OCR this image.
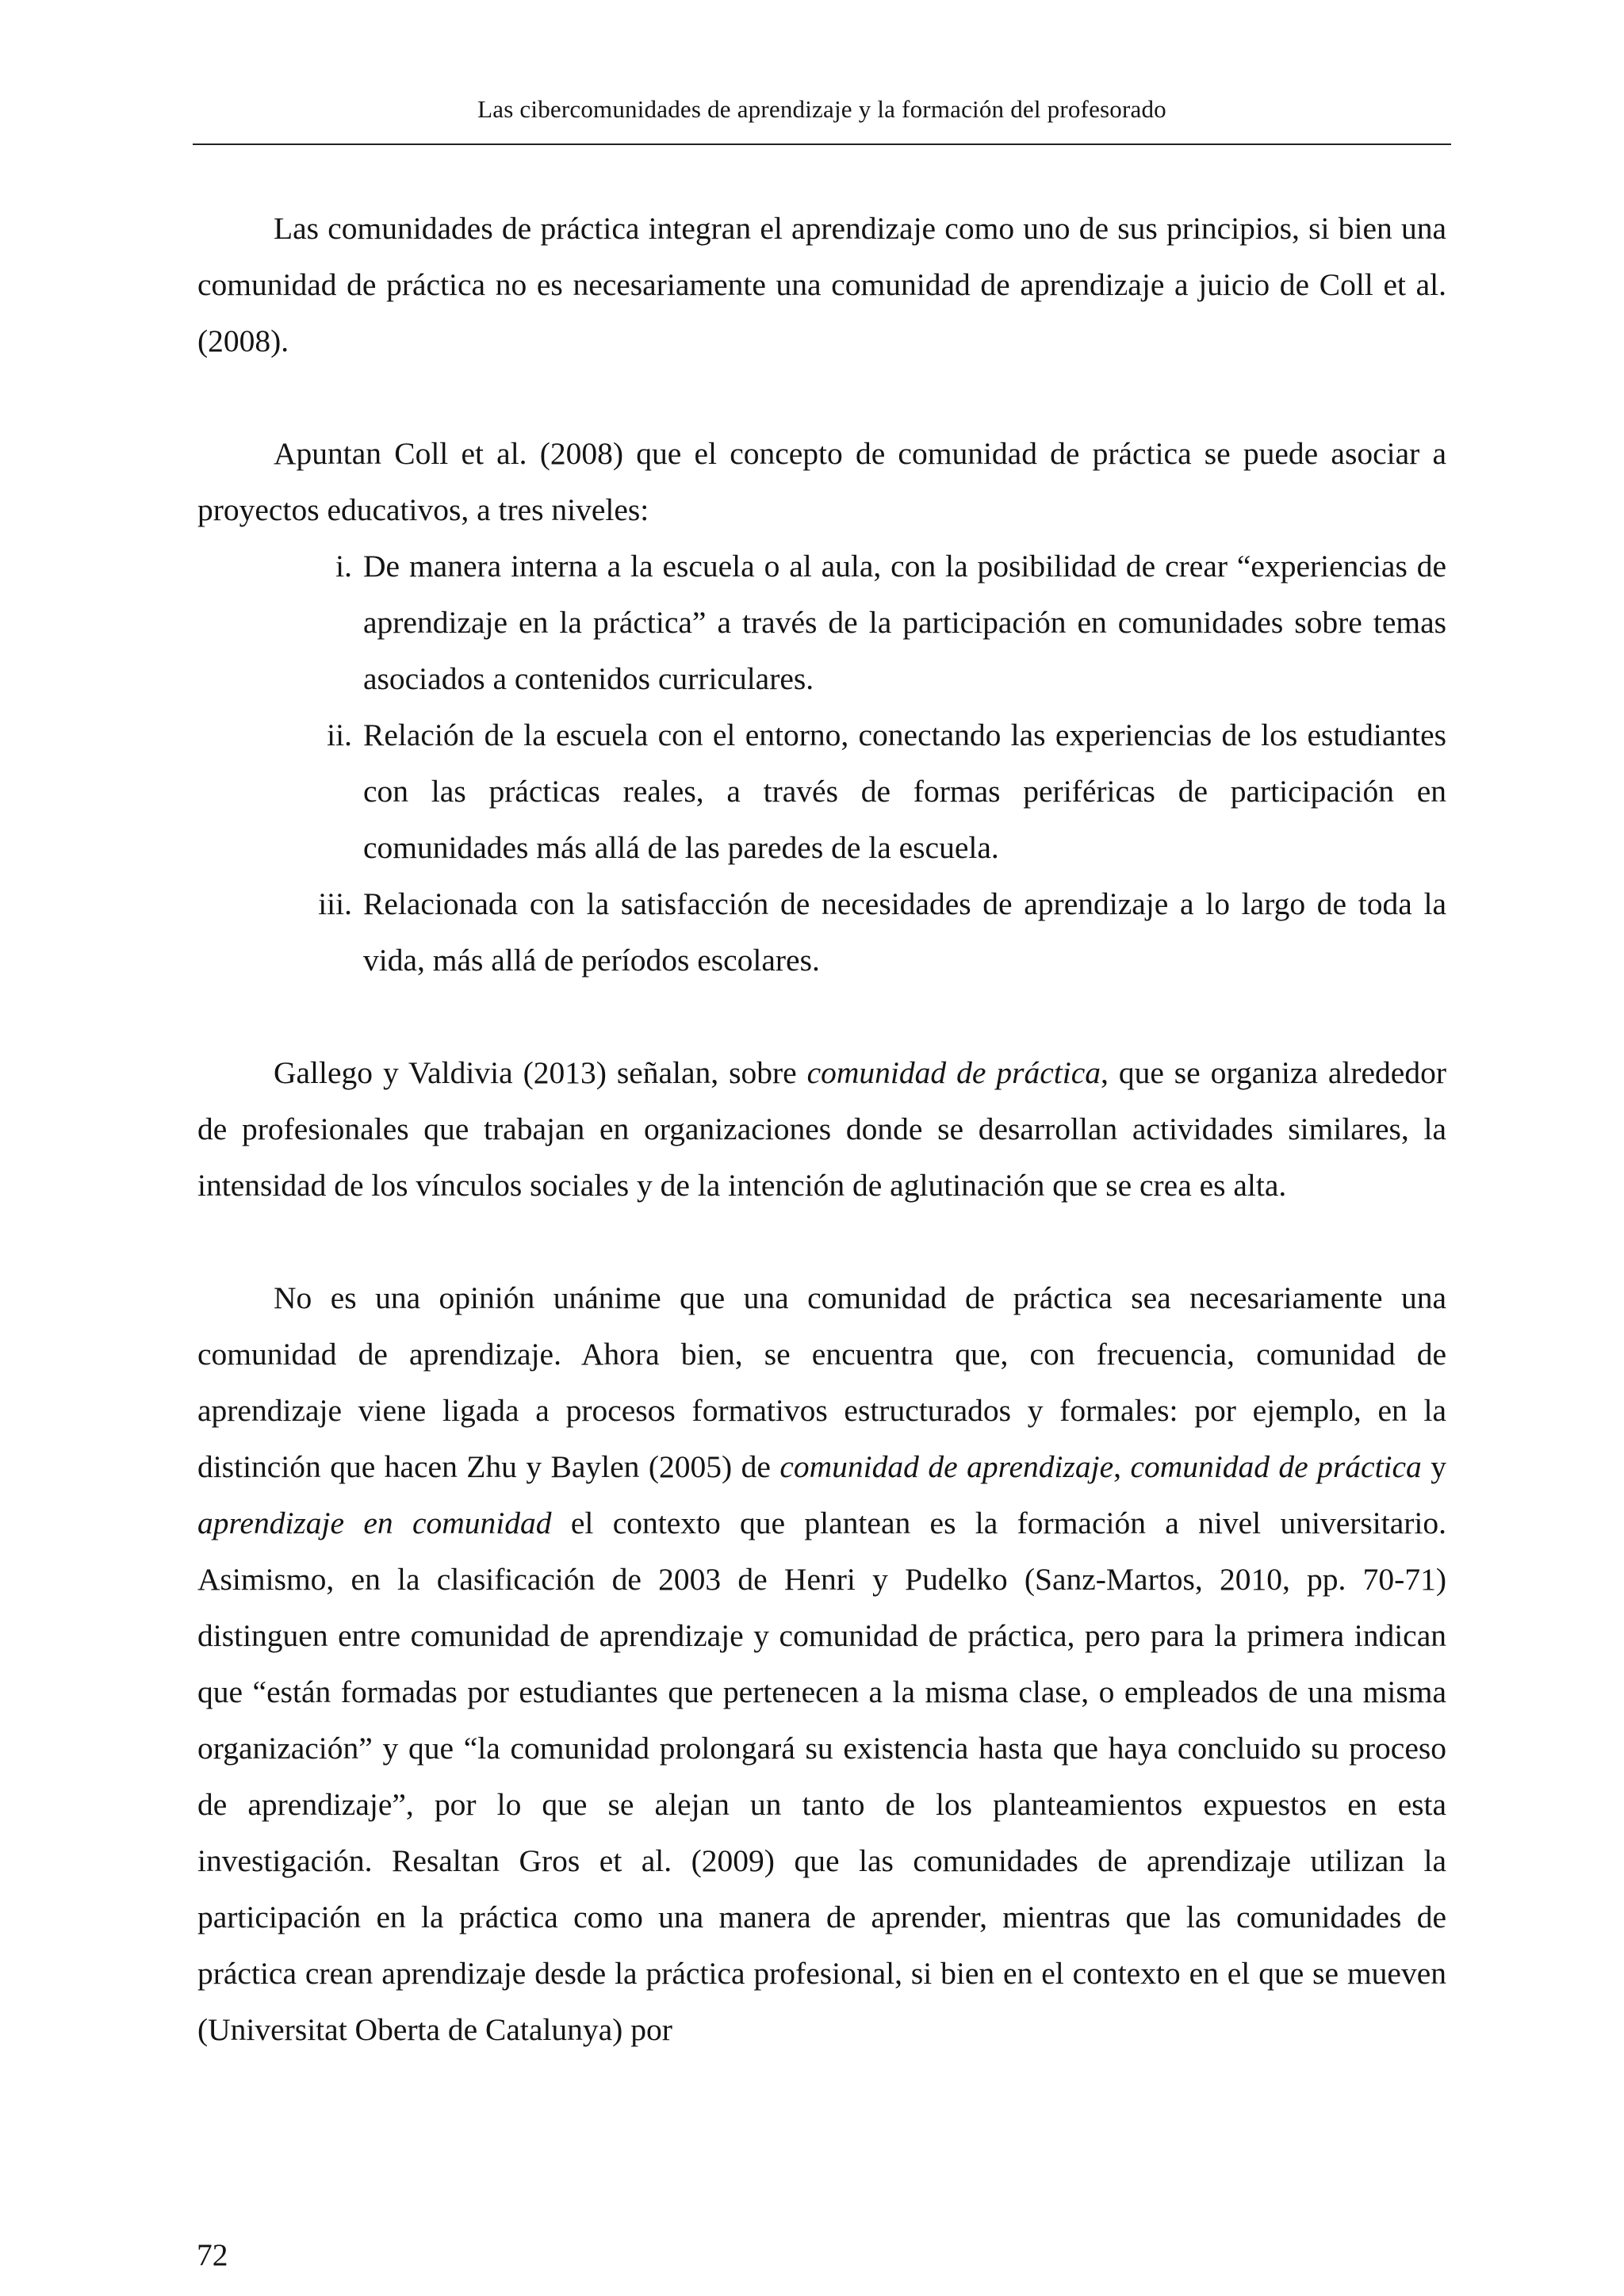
Las cibercomunidades de aprendizaje y la formación del profesorado

Las comunidades de práctica integran el aprendizaje como uno de sus principios, si bien una comunidad de práctica no es necesariamente una comunidad de aprendizaje a juicio de Coll et al. (2008).

Apuntan Coll et al. (2008) que el concepto de comunidad de práctica se puede asociar a proyectos educativos, a tres niveles:

i. De manera interna a la escuela o al aula, con la posibilidad de crear “experiencias de aprendizaje en la práctica” a través de la participación en comunidades sobre temas asociados a contenidos curriculares.
ii. Relación de la escuela con el entorno, conectando las experiencias de los estudiantes con las prácticas reales, a través de formas periféricas de participación en comunidades más allá de las paredes de la escuela.
iii. Relacionada con la satisfacción de necesidades de aprendizaje a lo largo de toda la vida, más allá de períodos escolares.

Gallego y Valdivia (2013) señalan, sobre comunidad de práctica, que se organiza alrededor de profesionales que trabajan en organizaciones donde se desarrollan actividades similares, la intensidad de los vínculos sociales y de la intención de aglutinación que se crea es alta.

No es una opinión unánime que una comunidad de práctica sea necesariamente una comunidad de aprendizaje. Ahora bien, se encuentra que, con frecuencia, comunidad de aprendizaje viene ligada a procesos formativos estructurados y formales: por ejemplo, en la distinción que hacen Zhu y Baylen (2005) de comunidad de aprendizaje, comunidad de práctica y aprendizaje en comunidad el contexto que plantean es la formación a nivel universitario. Asimismo, en la clasificación de 2003 de Henri y Pudelko (Sanz-Martos, 2010, pp. 70-71) distinguen entre comunidad de aprendizaje y comunidad de práctica, pero para la primera indican que “están formadas por estudiantes que pertenecen a la misma clase, o empleados de una misma organización” y que “la comunidad prolongará su existencia hasta que haya concluido su proceso de aprendizaje”, por lo que se alejan un tanto de los planteamientos expuestos en esta investigación. Resaltan Gros et al. (2009) que las comunidades de aprendizaje utilizan la participación en la práctica como una manera de aprender, mientras que las comunidades de práctica crean aprendizaje desde la práctica profesional, si bien en el contexto en el que se mueven (Universitat Oberta de Catalunya) por

72
